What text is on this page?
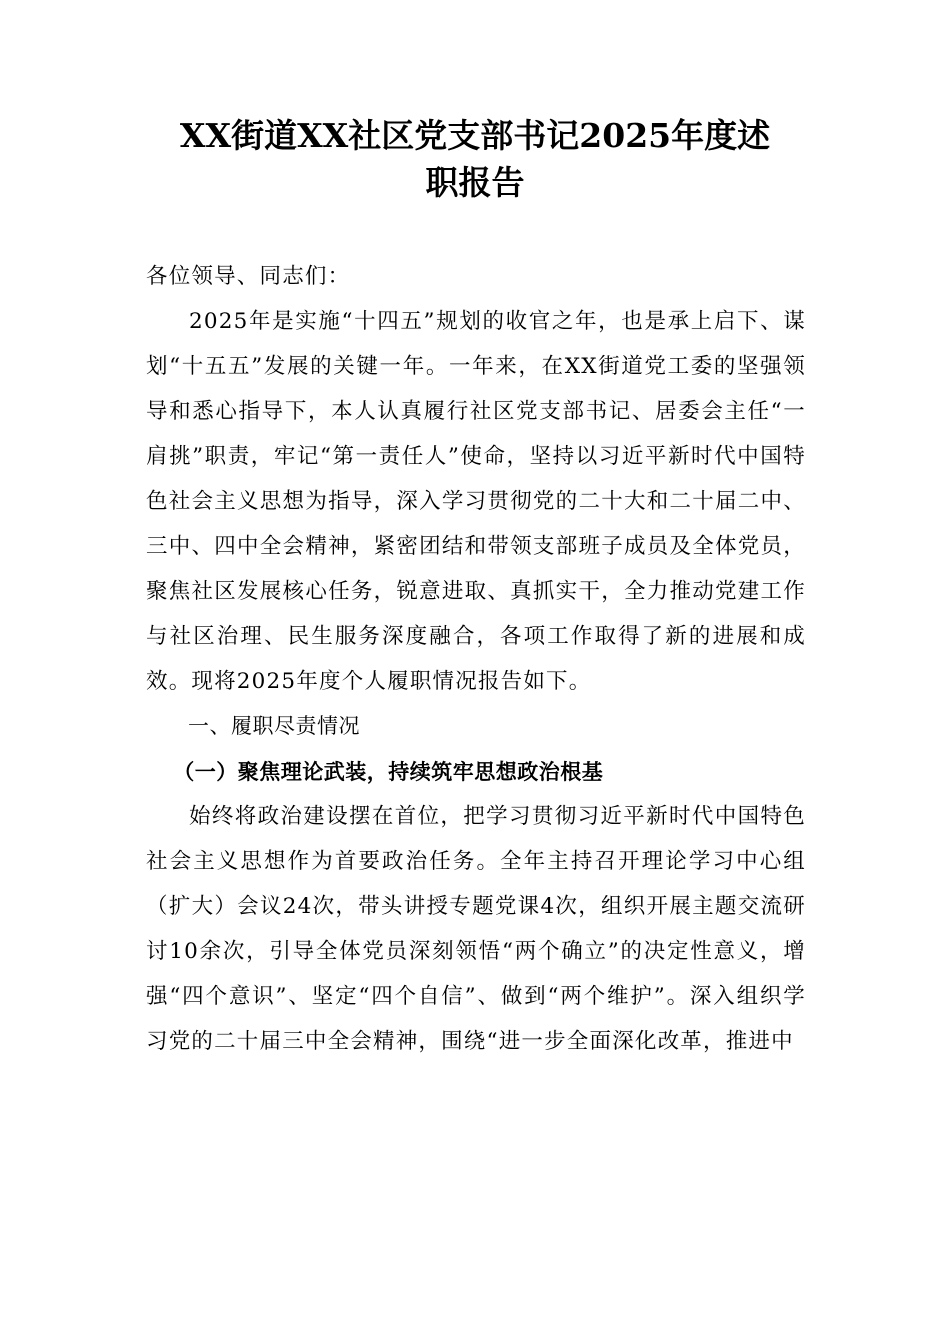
XX街道XX社区党支部书记2025年度述
职报告

各位领导、同志们：

2025年是实施“十四五”规划的收官之年，也是承上启下、谋划“十五五”发展的关键一年。一年来，在XX街道党工委的坚强领导和悉心指导下，本人认真履行社区党支部书记、居委会主任“一肩挑”职责，牢记“第一责任人”使命，坚持以习近平新时代中国特色社会主义思想为指导，深入学习贯彻党的二十大和二十届二中、三中、四中全会精神，紧密团结和带领支部班子成员及全体党员，聚焦社区发展核心任务，锐意进取、真抓实干，全力推动党建工作与社区治理、民生服务深度融合，各项工作取得了新的进展和成效。现将2025年度个人履职情况报告如下。

一、履职尽责情况

（一）聚焦理论武装，持续筑牢思想政治根基

始终将政治建设摆在首位，把学习贯彻习近平新时代中国特色社会主义思想作为首要政治任务。全年主持召开理论学习中心组（扩大）会议24次，带头讲授专题党课4次，组织开展主题交流研讨10余次，引导全体党员深刻领悟“两个确立”的决定性意义，增强“四个意识”、坚定“四个自信”、做到“两个维护”。深入组织学习党的二十届三中全会精神，围绕“进一步全面深化改革，推进中
